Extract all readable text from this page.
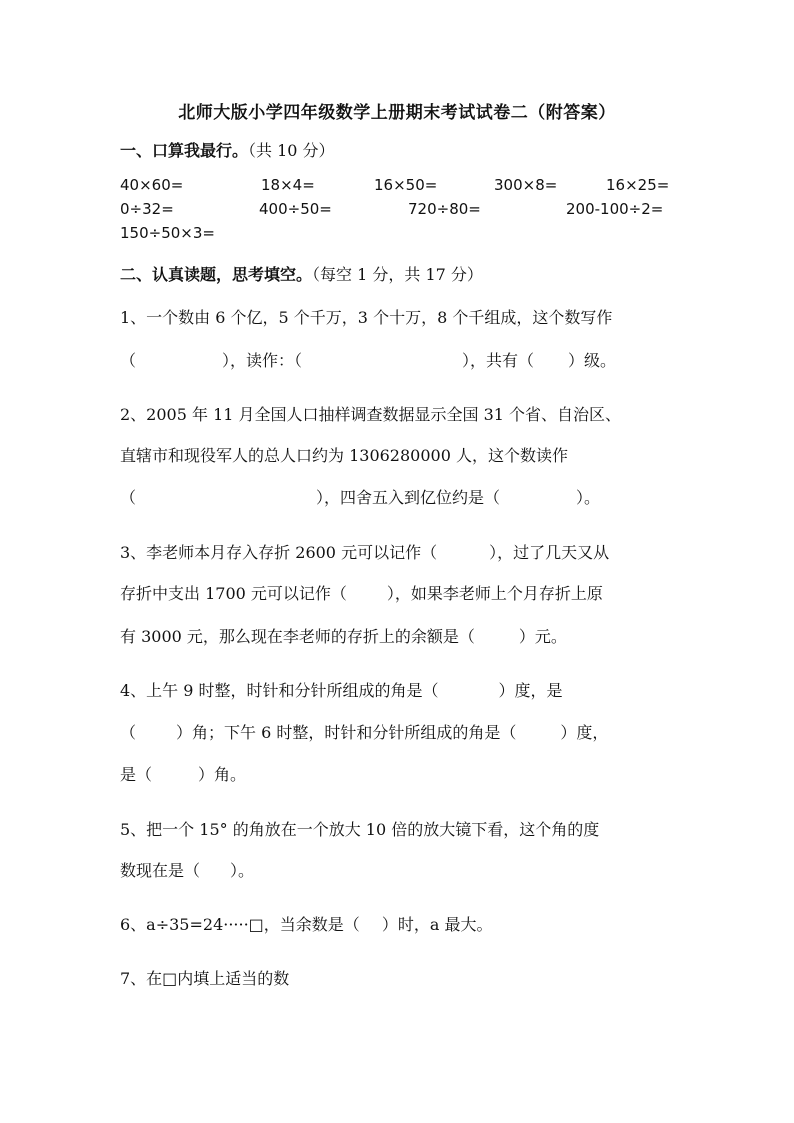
北师大版小学四年级数学上册期末考试试卷二（附答案）
一、口算我最行。（共 10 分）
40×60=	18×4=	16×50=	300×8=	16×25=
0÷32=	400÷50=	720÷80=	200-100÷2=
150÷50×3=
二、认真读题，思考填空。（每空 1 分，共 17 分）
1、一个数由 6 个亿，5 个千万，3 个十万，8 个千组成，这个数写作
（	），读作：（	），共有（ ）级。
2、2005 年 11 月全国人口抽样调查数据显示全国 31 个省、自治区、
直辖市和现役军人的总人口约为 1306280000 人，这个数读作
（	），四舍五入到亿位约是（	）。
3、李老师本月存入存折 2600 元可以记作（	），过了几天又从
存折中支出 1700 元可以记作（	），如果李老师上个月存折上原
有 3000 元，那么现在李老师的存折上的余额是（	）元。
4、上午 9 时整，时针和分针所组成的角是（	）度，是
（	）角；下午 6 时整，时针和分针所组成的角是（	）度，
是（	）角。
5、把一个 15° 的角放在一个放大 10 倍的放大镜下看，这个角的度
数现在是（ ）。
6、a÷35=24·····□，当余数是（ ）时，a 最大。
7、在□内填上适当的数
